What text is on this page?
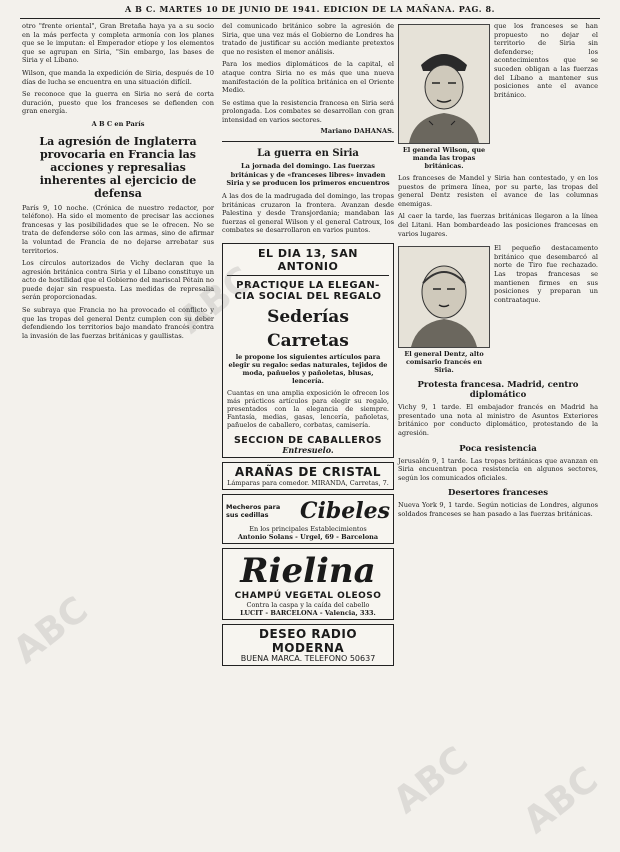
A B C. MARTES 10 DE JUNIO DE 1941. EDICION DE LA MAÑANA. PAG. 8.
otro "frente oriental", Gran Bretaña haya ya a su socio en la más perfecta y completa armonía con los planes que se le imputan: el Emperador etíope y los elementos que se agrupan en Siria, "Sin embargo, las bases de Siria y el Líbano.
Wilson, que manda la expedición de Siria, después de 10 días de lucha se encuentra en una situación difícil.
Se reconoce que la guerra en Siria no será de corta duración, puesto que los franceses se defienden con gran energía.
A B C en París
La agresión de Inglaterra provocaria en Francia las acciones y represalias inherentes al ejercicio de defensa
París 9, 10 noche. (Crónica de nuestro redactor, por teléfono). Ha sido el momento de precisar las acciones francesas y las posibilidades que se le ofrecen. No se trata de defenderse sólo con las armas, sino de afirmar la voluntad de Francia de no dejarse arrebatar sus territorios.
Los círculos autorizados de Vichy declaran que la agresión británica contra Siria y el Líbano constituye un acto de hostilidad que el Gobierno del mariscal Pétain no puede dejar sin respuesta. Las medidas de represalia serán proporcionadas.
Se subraya que Francia no ha provocado el conflicto y que las tropas del general Dentz cumplen con su deber defendiendo los territorios bajo mandato francés contra la invasión de las fuerzas británicas y gaullistas.
del comunicado británico sobre la agresión de Siria, que una vez más el Gobierno de Londres ha tratado de justificar su acción mediante pretextos que no resisten el menor análisis.
Para los medios diplomáticos de la capital, el ataque contra Siria no es más que una nueva manifestación de la política británica en el Oriente Medio.
Se estima que la resistencia francesa en Siria será prolongada. Los combates se desarrollan con gran intensidad en varios sectores.
Mariano DAHANAS.
La guerra en Siria
La jornada del domingo. Las fuerzas británicas y de «franceses libres» invaden Siria y se producen los primeros encuentros
A las dos de la madrugada del domingo, las tropas británicas cruzaron la frontera. Avanzan desde Palestina y desde Transjordania; mandaban las fuerzas el general Wilson y el general Catroux, los combates se desarrollaron en varios puntos.
EL DIA 13, SAN ANTONIO
PRACTIQUE LA ELEGAN-
CIA SOCIAL DEL REGALO
Sederías Carretas
le propone los siguientes artículos para elegir su regalo: sedas naturales, tejidos de moda, pañuelos y pañoletas, blusas, lencería.
Cuantas en una amplia exposición le ofrecen los más prácticos artículos para elegir su regalo, presentados con la elegancia de siempre. Fantasía, medias, gasas, lencería, pañoletas, pañuelos de caballero, corbatas, camisería.
SECCION DE CABALLEROS
Entresuelo.
ARAÑAS DE CRISTAL
Lámparas para comedor. MIRANDA, Carretas, 7.
Mecheros para sus cedillas	Cibeles
En los principales Establecimientos
Antonio Solans - Urgel, 69 - Barcelona
Rielina
CHAMPÚ VEGETAL OLEOSO
Contra la caspa y la caída del cabello
LUCIT - BARCELONA - Valencia, 333.
DESEO RADIO MODERNA
BUENA MARCA. TELEFONO 50637
El general Wilson, que manda las tropas británicas.
que los franceses se han propuesto no dejar el territorio de Siria sin defenderse; los acontecimientos que se suceden obligan a las fuerzas del Líbano a mantener sus posiciones ante el avance británico.
Los franceses de Mandel y Siria han contestado, y en los puestos de primera línea, por su parte, las tropas del general Dentz resisten el avance de las columnas enemigas.
Al caer la tarde, las fuerzas británicas llegaron a la línea del Litani. Han bombardeado las posiciones francesas en varios lugares.
El general Dentz, alto comisario francés en Siria.
El pequeño destacamento británico que desembarcó al norte de Tiro fue rechazado. Las tropas francesas se mantienen firmes en sus posiciones y preparan un contraataque.
Protesta francesa. Madrid, centro diplomático
Vichy 9, 1 tarde. El embajador francés en Madrid ha presentado una nota al ministro de Asuntos Exteriores británico por conducto diplomático, protestando de la agresión.
Poca resistencia
Jerusalén 9, 1 tarde. Las tropas británicas que avanzan en Siria encuentran poca resistencia en algunos sectores, según los comunicados oficiales.
Desertores franceses
Nueva York 9, 1 tarde. Según noticias de Londres, algunos soldados franceses se han pasado a las fuerzas británicas.
ABC
ABC
ABC
ABC
